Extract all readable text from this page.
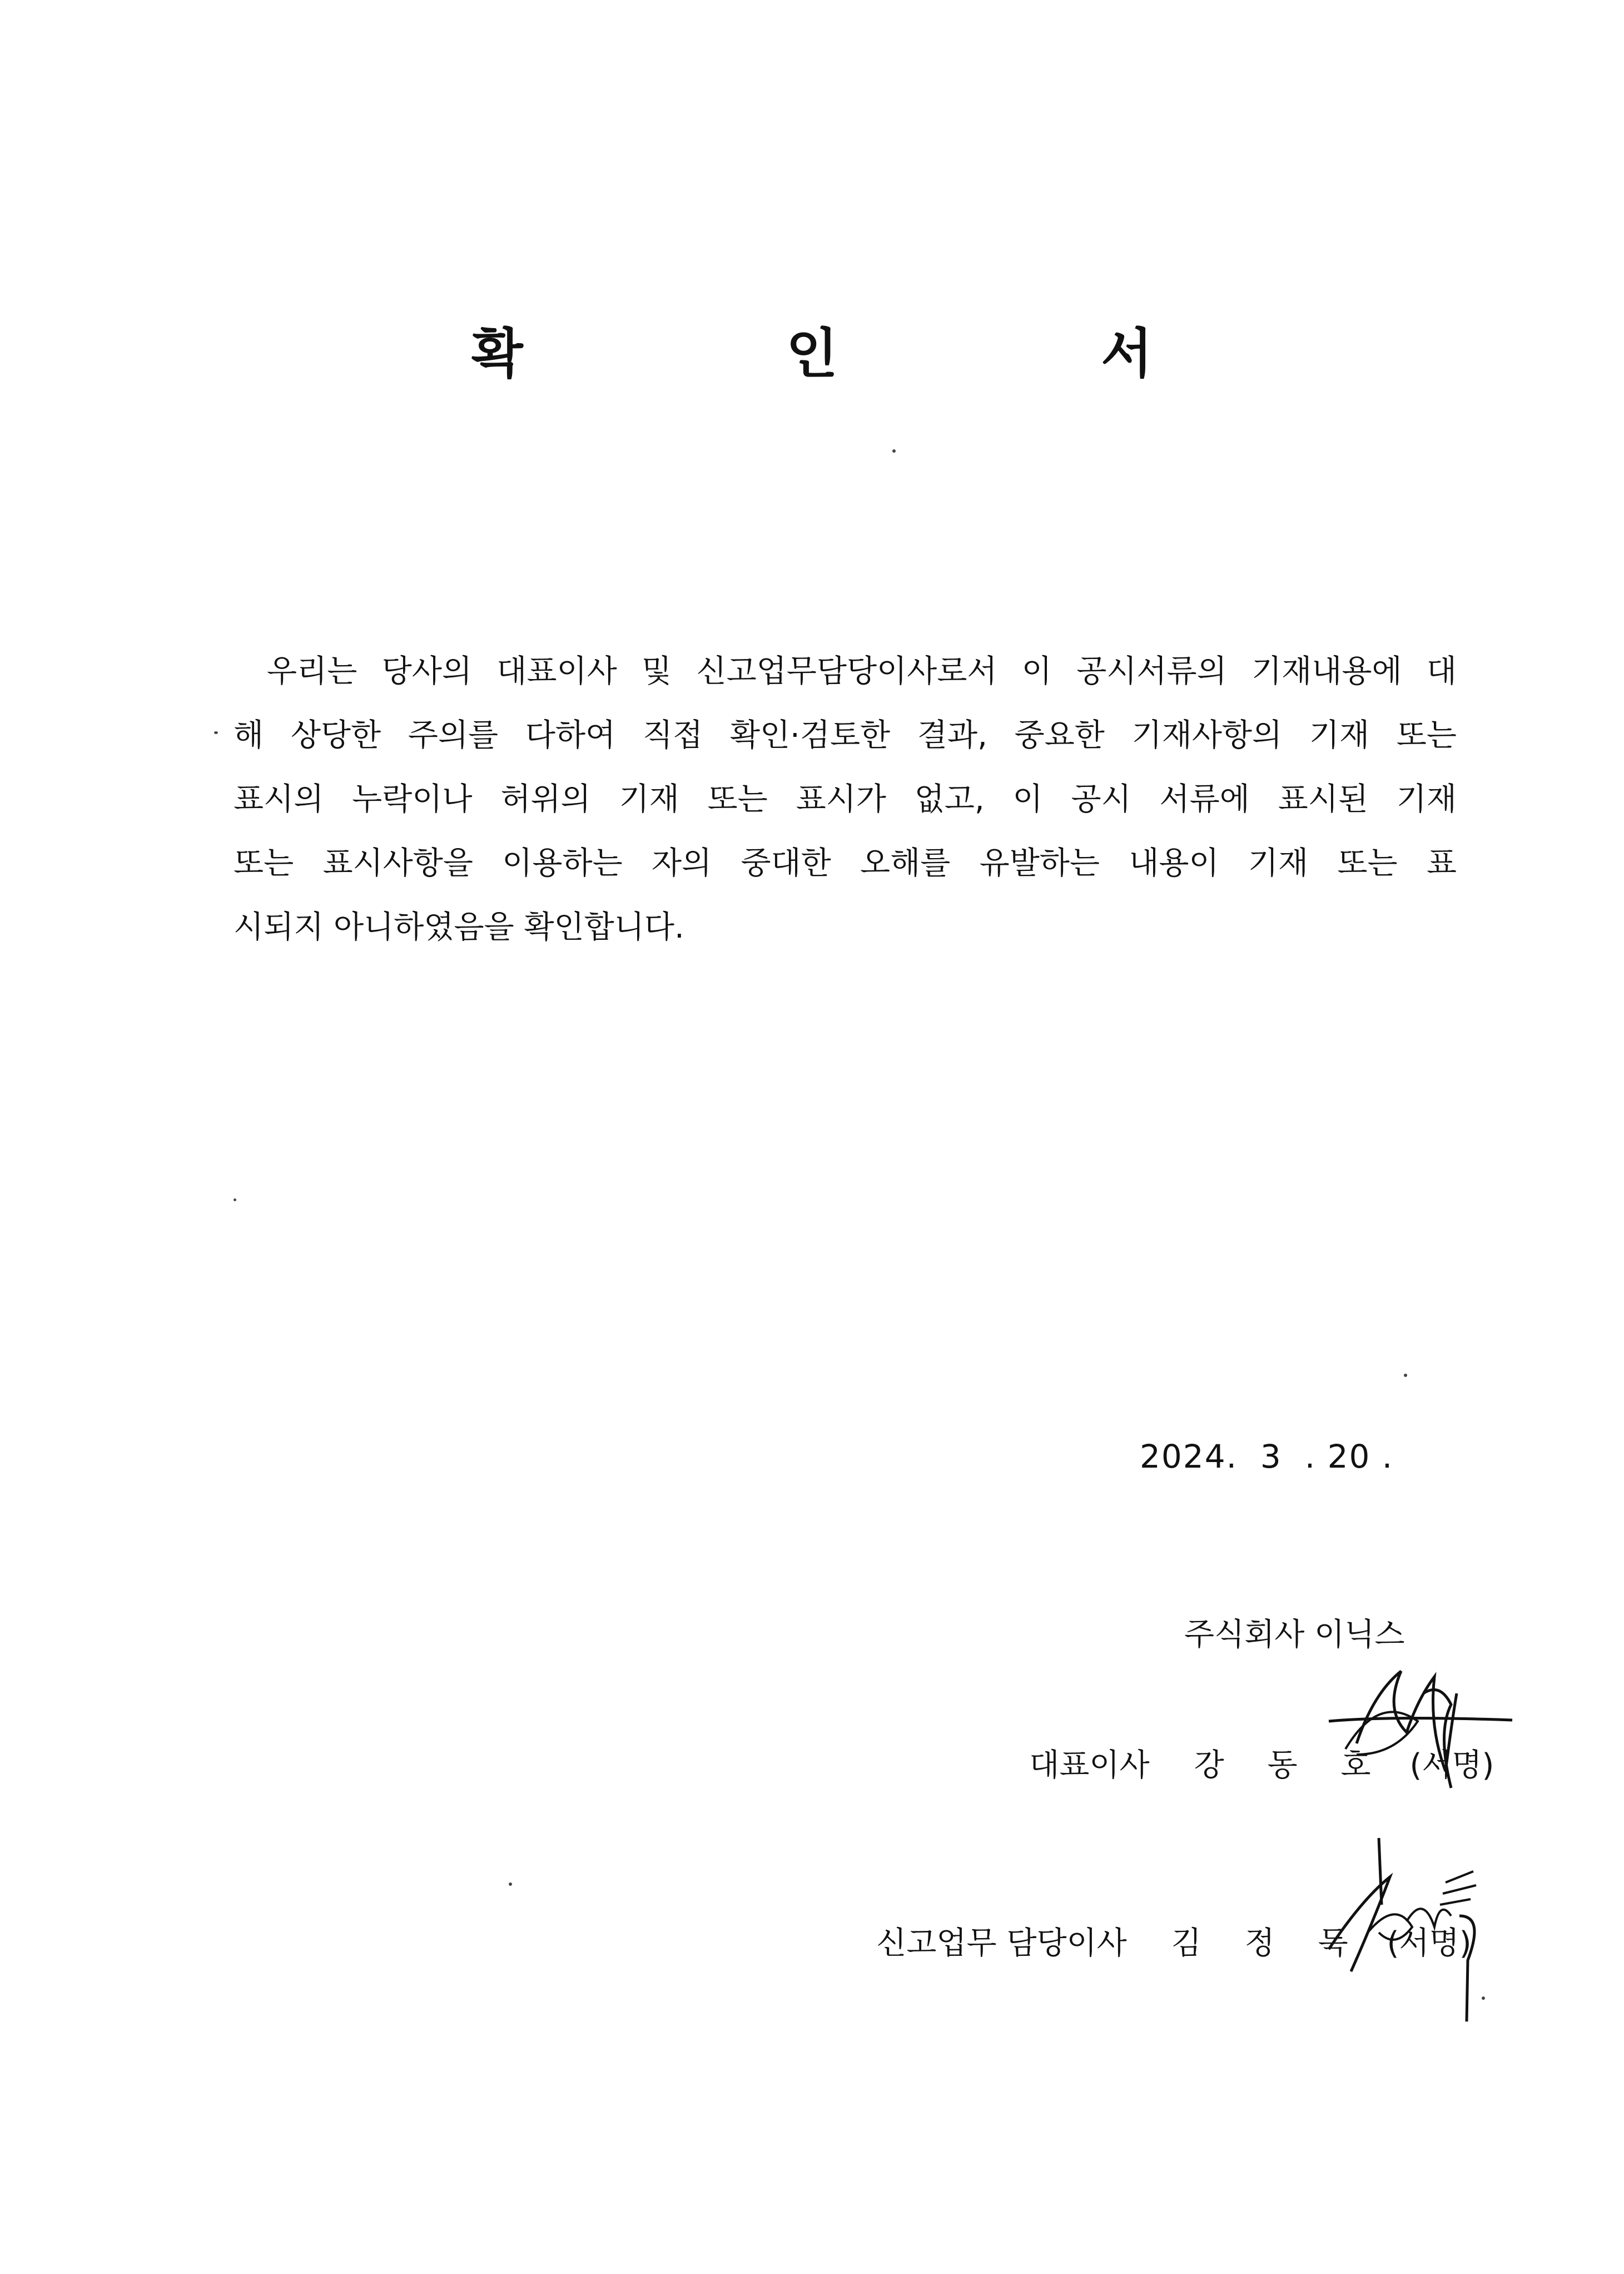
확 인 서
우리는 당사의 대표이사 및 신고업무담당이사로서 이 공시서류의 기재내용에 대
해 상당한 주의를 다하여 직접 확인·검토한 결과, 중요한 기재사항의 기재 또는
표시의 누락이나 허위의 기재 또는 표시가 없고, 이 공시 서류에 표시된 기재
또는 표시사항을 이용하는 자의 중대한 오해를 유발하는 내용이 기재 또는 표
시되지 아니하였음을 확인합니다.
2024.  3  . 20 .
주식회사 이닉스

대표이사 강 동 호 (서명)

신고업무 담당이사 김 정 득 (서명)
